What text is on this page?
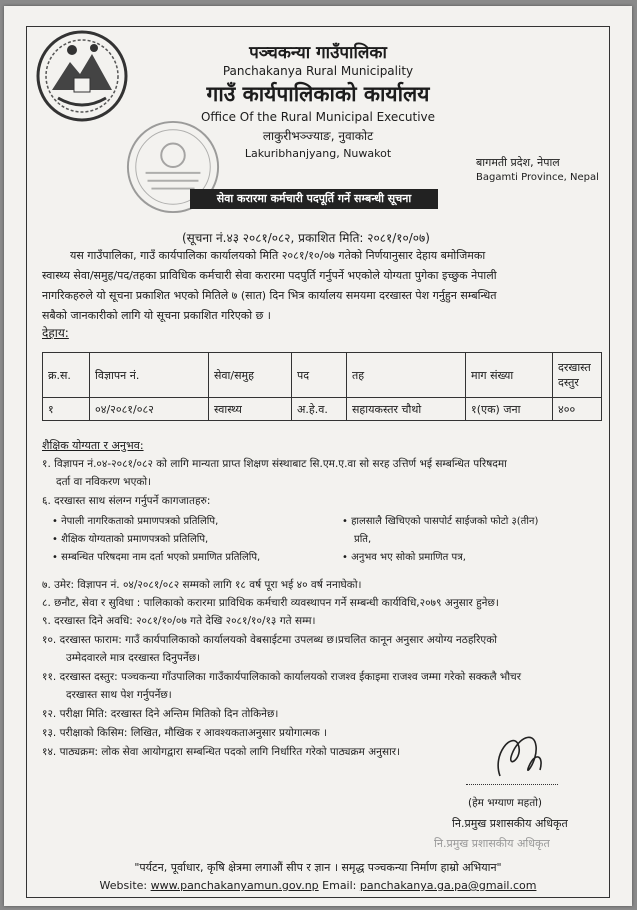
पञ्चकन्या गाउँपालिका
Panchakanya Rural Municipality
गाउँ कार्यपालिकाको कार्यालय
Office Of the Rural Municipal Executive
लाकुरीभञ्ज्याङ, नुवाकोट
Lakuribhanjyang, Nuwakot
बागमती प्रदेश, नेपाल
Bagamti Province, Nepal
सेवा करारमा कर्मचारी पदपूर्ति गर्ने सम्बन्धी सूचना
(सूचना नं.४३ २०८१/०८२, प्रकाशित मिति: २०८१/१०/०७)
यस गाउँपालिका, गाउँ कार्यपालिका कार्यालयको मिति २०८१/१०/०७ गतेको निर्णयानुसार देहाय बमोजिमका
स्वास्थ्य सेवा/समुह/पद/तहका प्राविधिक कर्मचारी सेवा करारमा पदपुर्ति गर्नुपर्ने भएकोले योग्यता पुगेका इच्छुक नेपाली
नागरिकहरुले यो सूचना प्रकाशित भएको मितिले ७ (सात) दिन भित्र कार्यालय समयमा दरखास्त पेश गर्नुहुन सम्बन्धित
सबैको जानकारीको लागि यो सूचना प्रकाशित गरिएको छ ।
देहाय:
क्र.स.	विज्ञापन नं.	सेवा/समुह	पद	तह	माग संख्या	दरखास्त दस्तुर
१	०४/२०८१/०८२	स्वास्थ्य	अ.हे.व.	सहायकस्तर चौथो	१(एक) जना	४००
शैक्षिक योग्यता र अनुभव:
१. विज्ञापन नं.०४-२०८१/०८२ को लागि मान्यता प्राप्त शिक्षण संस्थाबाट सि.एम.ए.वा सो सरह उत्तिर्ण भई सम्बन्धित परिषदमा
दर्ता वा नविकरण भएको।
६. दरखास्त साथ संलग्न गर्नुपर्ने कागजातहरु:
• नेपाली नागरिकताको प्रमाणपत्रको प्रतिलिपि,
• शैक्षिक योग्यताको प्रमाणपत्रको प्रतिलिपि,
• सम्बन्धित परिषदमा नाम दर्ता भएको प्रमाणित प्रतिलिपि,
• हालसालै खिचिएको पासपोर्ट साईजको फोटो ३(तीन)
प्रति,
• अनुभव भए सोको प्रमाणित पत्र,
७. उमेर: विज्ञापन नं. ०४/२०८१/०८२ सम्मको लागि १८ वर्ष पूरा भई ४० वर्ष ननाघेको।
८. छनौट, सेवा र सुविधा : पालिकाको करारमा प्राविधिक कर्मचारी व्यवस्थापन गर्ने सम्बन्धी कार्यविधि,२०७९ अनुसार हुनेछ।
९. दरखास्त दिने अवधि: २०८१/१०/०७ गते देखि २०८१/१०/१३ गते सम्म।
१०. दरखास्त फाराम: गाउँ कार्यपालिकाको कार्यालयको वेबसाईटमा उपलब्ध छ।प्रचलित कानून अनुसार अयोग्य नठहरिएको
उम्मेदवारले मात्र दरखास्त दिनुपर्नेछ।
११. दरखास्त दस्तुर: पञ्चकन्या गाँउपालिका गाउँकार्यपालिकाको कार्यालयको राजश्व ईकाइमा राजश्व जम्मा गरेको सक्कलै भौचर
दरखास्त साथ पेश गर्नुपर्नेछ।
१२. परीक्षा मिति: दरखास्त दिने अन्तिम मितिको दिन तोकिनेछ।
१३. परीक्षाको किसिम: लिखित, मौखिक र आवश्यकताअनुसार प्रयोगात्मक ।
१४. पाठ्यक्रम: लोक सेवा आयोगद्वारा सम्बन्धित पदको लागि निर्धारित गरेको पाठ्यक्रम अनुसार।
(हेम भग्याण महतो)
नि.प्रमुख प्रशासकीय अधिकृत
नि.प्रमुख प्रशासकीय अधिकृत
"पर्यटन, पूर्वाधार, कृषि क्षेत्रमा लगाऔं सीप र ज्ञान । समृद्ध पञ्चकन्या निर्माण हाम्रो अभियान"
Website: www.panchakanyamun.gov.np Email: panchakanya.ga.pa@gmail.com
